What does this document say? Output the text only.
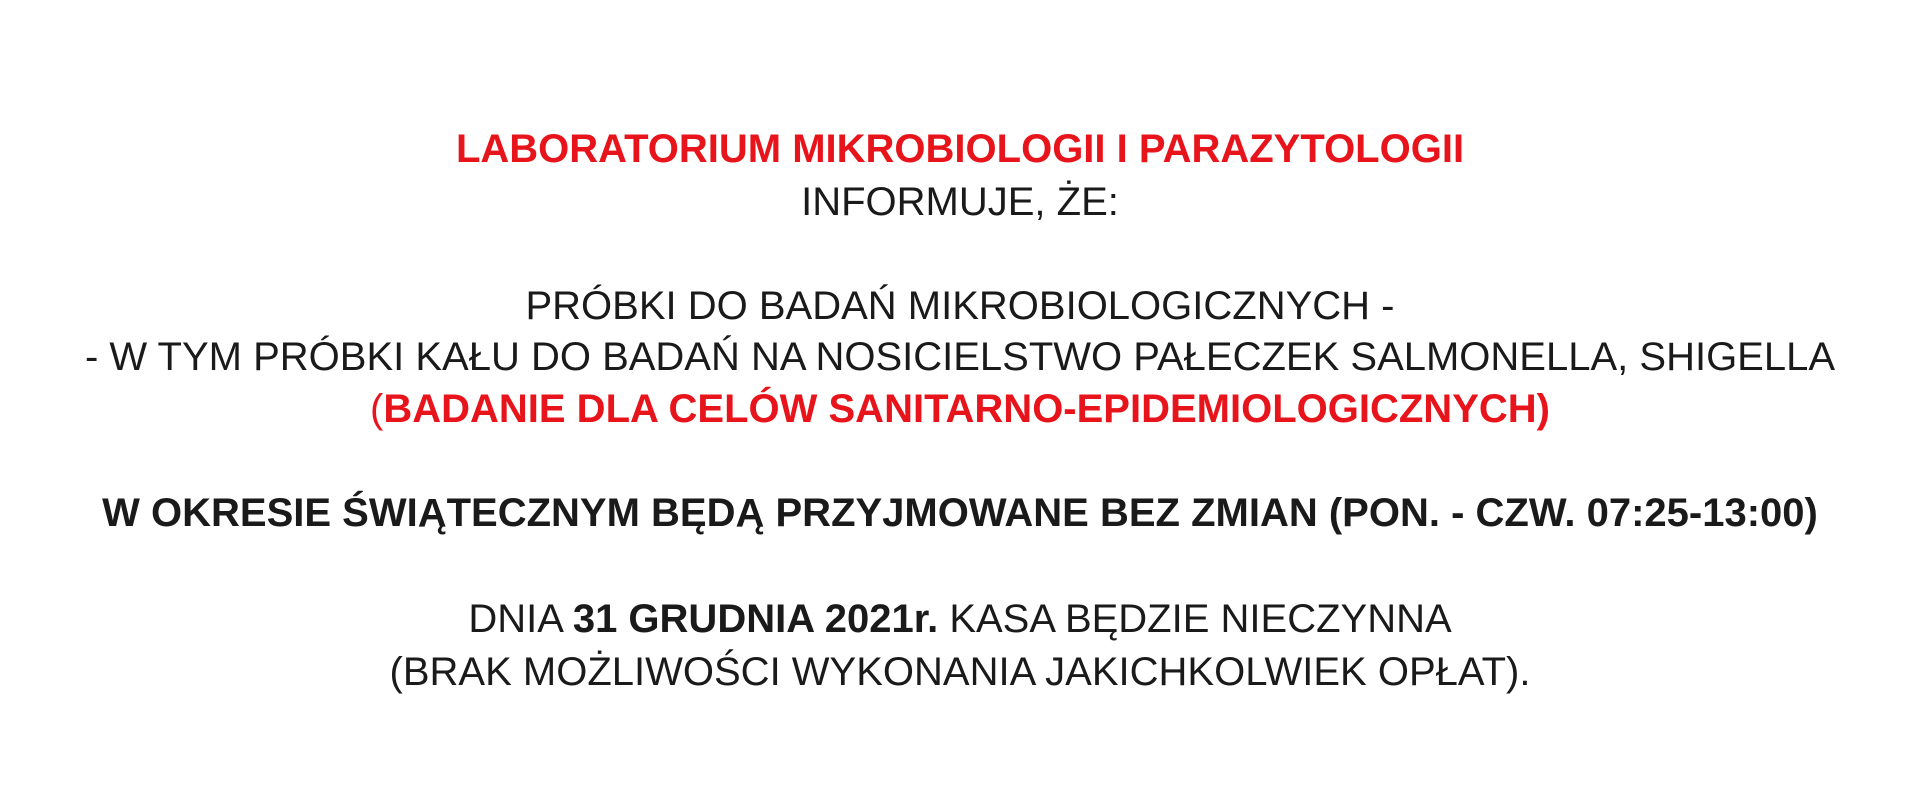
LABORATORIUM MIKROBIOLOGII I PARAZYTOLOGII
INFORMUJE, ŻE:
PRÓBKI DO BADAŃ MIKROBIOLOGICZNYCH -
- W TYM PRÓBKI KAŁU DO BADAŃ NA NOSICIELSTWO PAŁECZEK SALMONELLA, SHIGELLA
(BADANIE DLA CELÓW SANITARNO-EPIDEMIOLOGICZNYCH)
W OKRESIE ŚWIĄTECZNYM BĘDĄ PRZYJMOWANE BEZ ZMIAN (PON. - CZW. 07:25-13:00)
DNIA 31 GRUDNIA 2021r. KASA BĘDZIE NIECZYNNA
(BRAK MOŻLIWOŚCI WYKONANIA JAKICHKOLWIEK OPŁAT).
